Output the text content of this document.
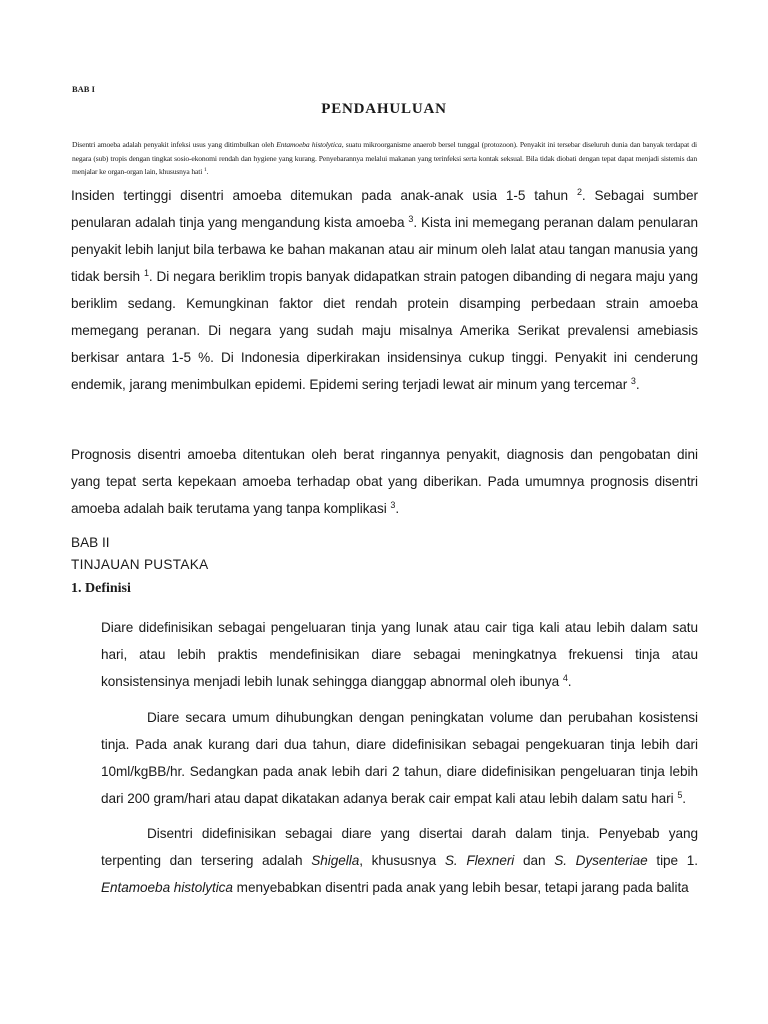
BAB I
PENDAHULUAN
Disentri amoeba adalah penyakit infeksi usus yang ditimbulkan oleh Entamoeba histolytica, suatu mikroorganisme anaerob bersel tunggal (protozoon). Penyakit ini tersebar diseluruh dunia dan banyak terdapat di negara (sub) tropis dengan tingkat sosio-ekonomi rendah dan hygiene yang kurang. Penyebarannya melalui makanan yang terinfeksi serta kontak seksual. Bila tidak diobati dengan tepat dapat menjadi sistemis dan menjalar ke organ-organ lain, khususnya hati $^1$.
Insiden tertinggi disentri amoeba ditemukan pada anak-anak usia 1-5 tahun $^2$. Sebagai sumber penularan adalah tinja yang mengandung kista amoeba $^3$. Kista ini memegang peranan dalam penularan penyakit lebih lanjut bila terbawa ke bahan makanan atau air minum oleh lalat atau tangan manusia yang tidak bersih $^1$. Di negara beriklim tropis banyak didapatkan strain patogen dibanding di negara maju yang beriklim sedang. Kemungkinan faktor diet rendah protein disamping perbedaan strain amoeba memegang peranan. Di negara yang sudah maju misalnya Amerika Serikat prevalensi amebiasis berkisar antara 1-5 %. Di Indonesia diperkirakan insidensinya cukup tinggi. Penyakit ini cenderung endemik, jarang menimbulkan epidemi. Epidemi sering terjadi lewat air minum yang tercemar $^3$.
Prognosis disentri amoeba ditentukan oleh berat ringannya penyakit, diagnosis dan pengobatan dini yang tepat serta kepekaan amoeba terhadap obat yang diberikan. Pada umumnya prognosis disentri amoeba adalah baik terutama yang tanpa komplikasi $^3$.
BAB II
TINJAUAN PUSTAKA
1. Definisi
Diare didefinisikan sebagai pengeluaran tinja yang lunak atau cair tiga kali atau lebih dalam satu hari, atau lebih praktis mendefinisikan diare sebagai meningkatnya frekuensi tinja atau konsistensinya menjadi lebih lunak sehingga dianggap abnormal oleh ibunya $^4$.
Diare secara umum dihubungkan dengan peningkatan volume dan perubahan kosistensi tinja. Pada anak kurang dari dua tahun, diare didefinisikan sebagai pengekuaran tinja lebih dari 10ml/kgBB/hr. Sedangkan pada anak lebih dari 2 tahun, diare didefinisikan pengeluaran tinja lebih dari 200 gram/hari atau dapat dikatakan adanya berak cair empat kali atau lebih dalam satu hari $^5$.
Disentri didefinisikan sebagai diare yang disertai darah dalam tinja. Penyebab yang terpenting dan tersering adalah Shigella, khususnya S. Flexneri dan S. Dysenteriae tipe 1. Entamoeba histolytica menyebabkan disentri pada anak yang lebih besar, tetapi jarang pada balita
